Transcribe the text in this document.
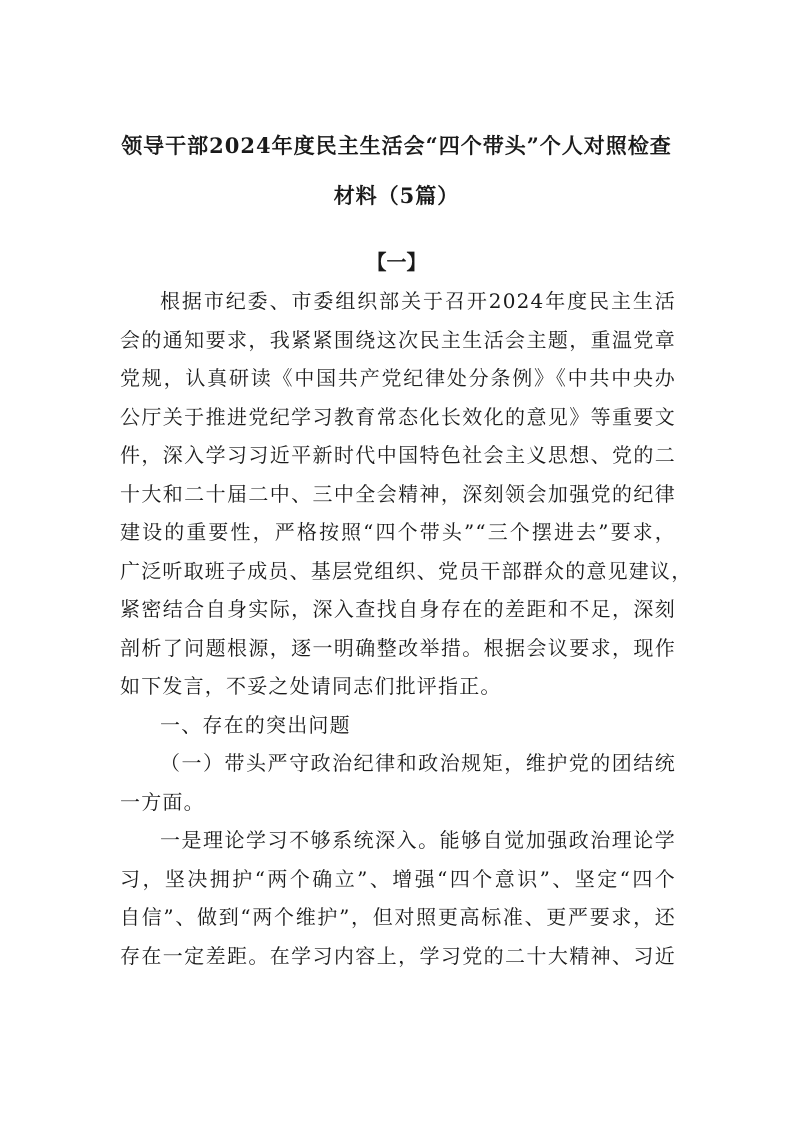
领导干部2024年度民主生活会“四个带头”个人对照检查
材料（5篇）
【一】

根据市纪委、市委组织部关于召开2024年度民主生活
会的通知要求，我紧紧围绕这次民主生活会主题，重温党章
党规，认真研读《中国共产党纪律处分条例》《中共中央办
公厅关于推进党纪学习教育常态化长效化的意见》等重要文
件，深入学习习近平新时代中国特色社会主义思想、党的二
十大和二十届二中、三中全会精神，深刻领会加强党的纪律
建设的重要性，严格按照“四个带头”“三个摆进去”要求，
广泛听取班子成员、基层党组织、党员干部群众的意见建议，
紧密结合自身实际，深入查找自身存在的差距和不足，深刻
剖析了问题根源，逐一明确整改举措。根据会议要求，现作
如下发言，不妥之处请同志们批评指正。

一、存在的突出问题

（一）带头严守政治纪律和政治规矩，维护党的团结统
一方面。

一是理论学习不够系统深入。能够自觉加强政治理论学
习，坚决拥护“两个确立”、增强“四个意识”、坚定“四个
自信”、做到“两个维护”，但对照更高标准、更严要求，还
存在一定差距。在学习内容上，学习党的二十大精神、习近
